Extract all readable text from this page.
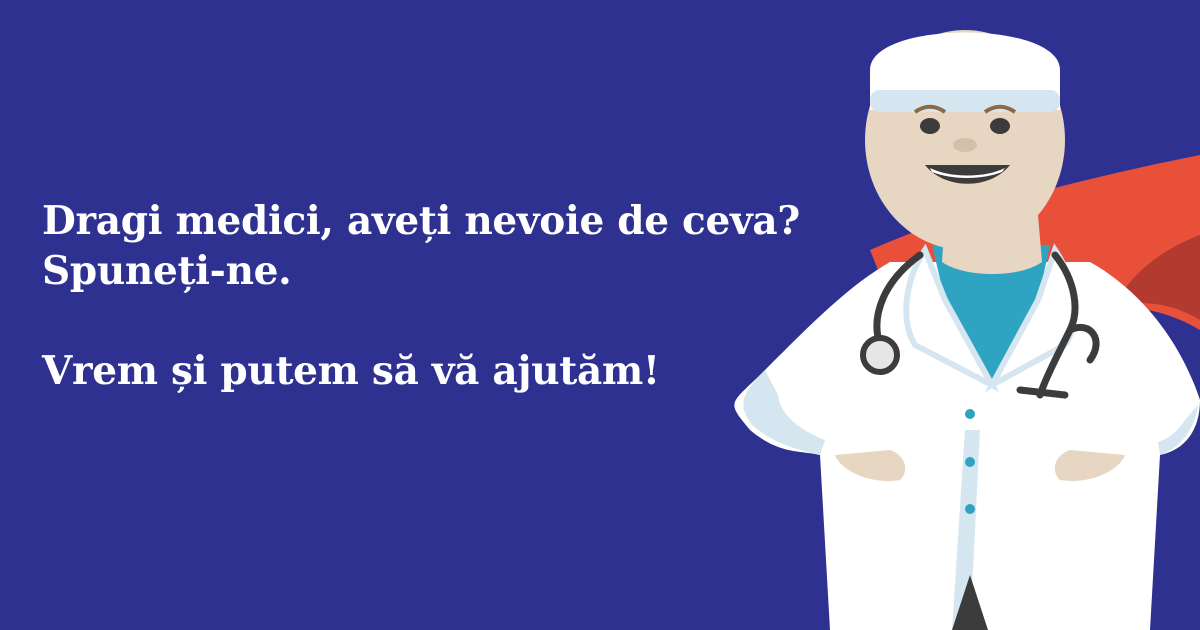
Dragi medici, aveți nevoie de ceva?
Spuneți-ne.
Vrem și putem să vă ajutăm!
